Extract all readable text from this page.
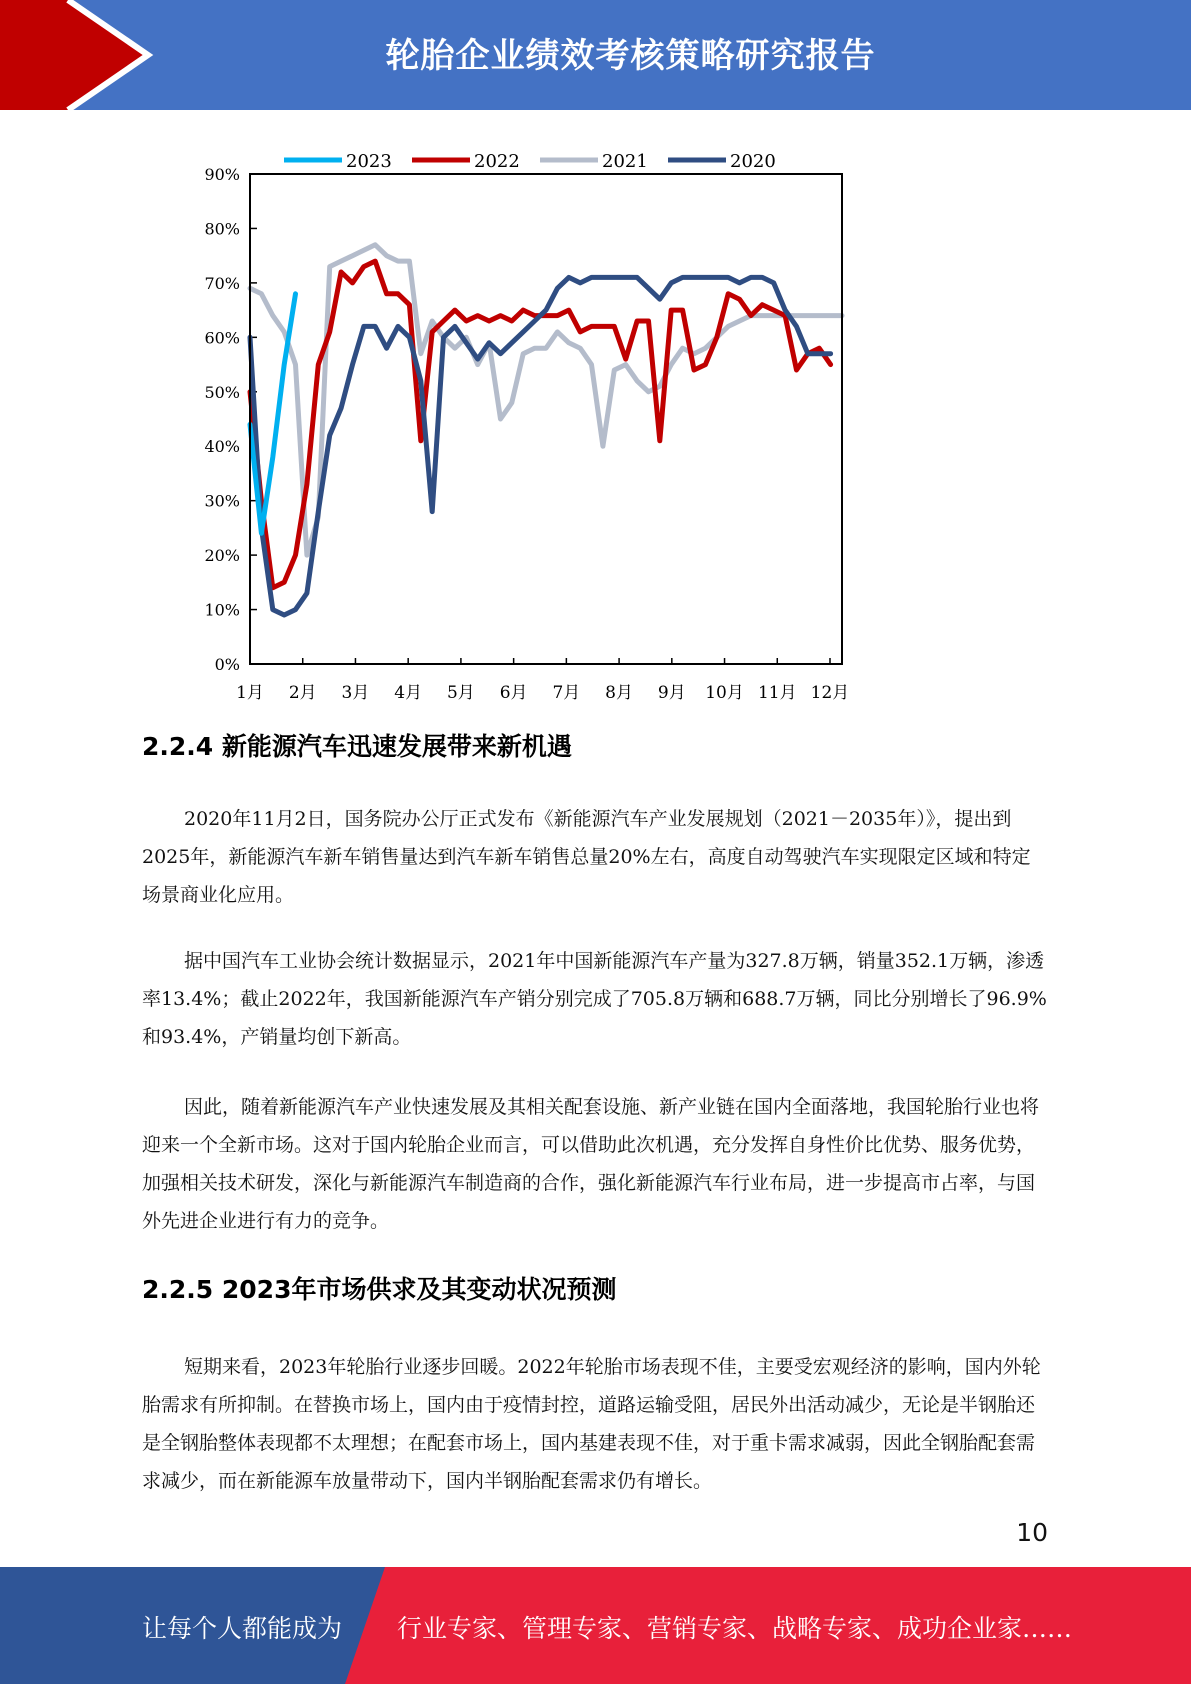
轮胎企业绩效考核策略研究报告
2023	2022	2021	2020
0%
10%
20%
30%
40%
50%
60%
70%
80%
90%
1月 2月 3月 4月 5月 6月 7月 8月 9月 10月 11月 12月
2.2.4 新能源汽车迅速发展带来新机遇

2020年11月2日，国务院办公厅正式发布《新能源汽车产业发展规划（2021－2035年）》，提出到2025年，新能源汽车新车销售量达到汽车新车销售总量20%左右，高度自动驾驶汽车实现限定区域和特定场景商业化应用。

据中国汽车工业协会统计数据显示，2021年中国新能源汽车产量为327.8万辆，销量352.1万辆，渗透率13.4%；截止2022年，我国新能源汽车产销分别完成了705.8万辆和688.7万辆，同比分别增长了96.9%和93.4%，产销量均创下新高。

因此，随着新能源汽车产业快速发展及其相关配套设施、新产业链在国内全面落地，我国轮胎行业也将迎来一个全新市场。这对于国内轮胎企业而言，可以借助此次机遇，充分发挥自身性价比优势、服务优势，加强相关技术研发，深化与新能源汽车制造商的合作，强化新能源汽车行业布局，进一步提高市占率，与国外先进企业进行有力的竞争。

2.2.5 2023年市场供求及其变动状况预测

短期来看，2023年轮胎行业逐步回暖。2022年轮胎市场表现不佳，主要受宏观经济的影响，国内外轮胎需求有所抑制。在替换市场上，国内由于疫情封控，道路运输受阻，居民外出活动减少，无论是半钢胎还是全钢胎整体表现都不太理想；在配套市场上，国内基建表现不佳，对于重卡需求减弱，因此全钢胎配套需求减少，而在新能源车放量带动下，国内半钢胎配套需求仍有增长。

10
让每个人都能成为 行业专家、管理专家、营销专家、战略专家、成功企业家……
